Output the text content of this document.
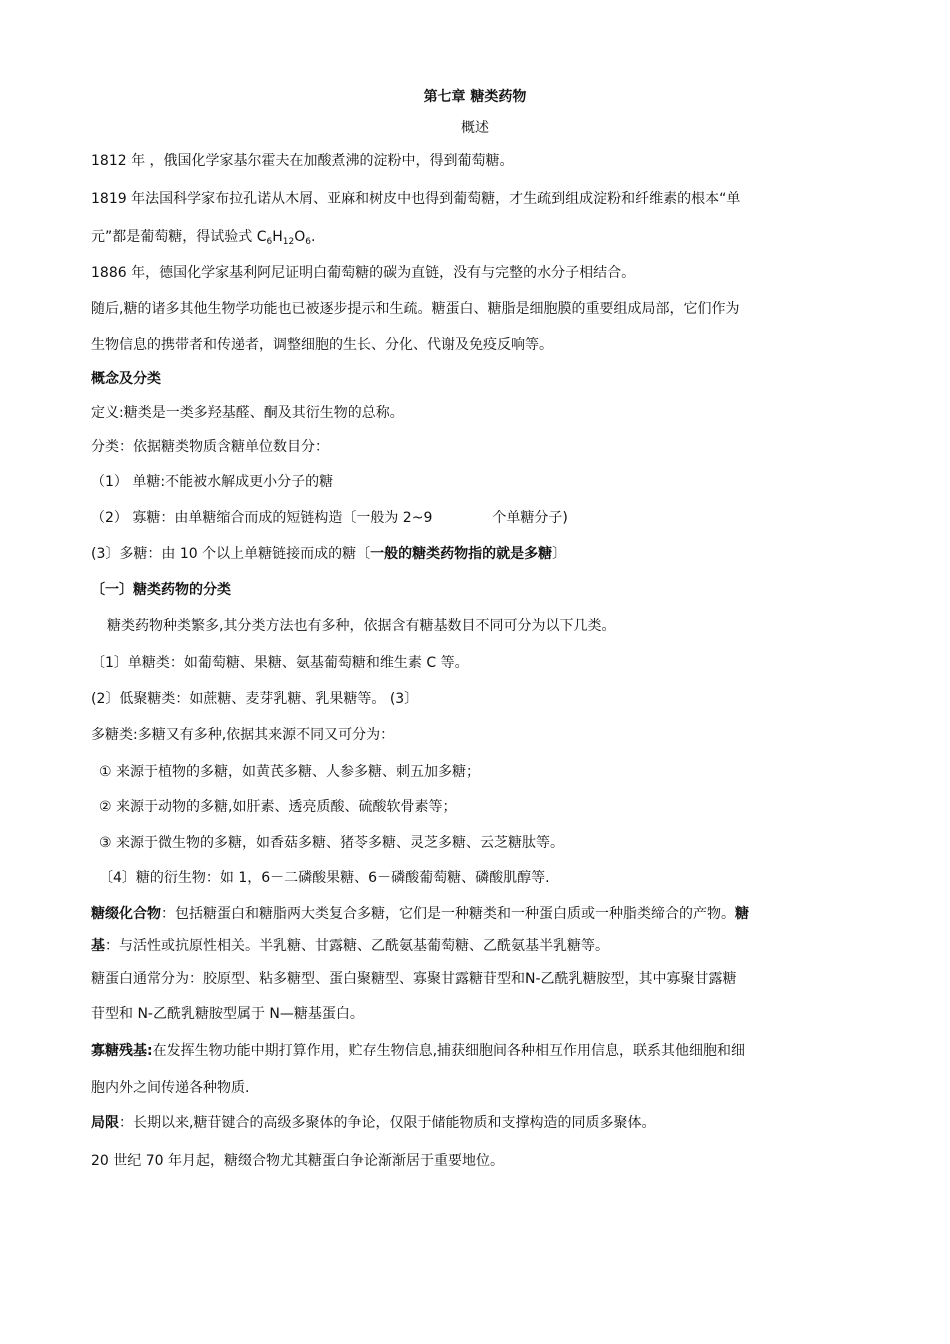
第七章 糖类药物
概述
1812 年 ，俄国化学家基尔霍夫在加酸煮沸的淀粉中，得到葡萄糖。
1819 年法国科学家布拉孔诺从木屑、亚麻和树皮中也得到葡萄糖，才生疏到组成淀粉和纤维素的根本“单
元”都是葡萄糖，得试验式 $C_6H_{12}O_6$.
1886 年，德国化学家基利阿尼证明白葡萄糖的碳为直链，没有与完整的水分子相结合。
随后,糖的诸多其他生物学功能也已被逐步提示和生疏。糖蛋白、糖脂是细胞膜的重要组成局部，它们作为
生物信息的携带者和传递者，调整细胞的生长、分化、代谢及免疫反响等。
概念及分类
定义:糖类是一类多羟基醛、酮及其衍生物的总称。
分类：依据糖类物质含糖单位数目分：
（1） 单糖:不能被水解成更小分子的糖
（2） 寡糖：由单糖缩合而成的短链构造〔一般为 2~9	个单糖分子)
(3〕多糖：由 10 个以上单糖链接而成的糖〔一般的糖类药物指的就是多糖〕
〔一〕糖类药物的分类
糖类药物种类繁多,其分类方法也有多种，依据含有糖基数目不同可分为以下几类。
〔1〕单糖类：如葡萄糖、果糖、氨基葡萄糖和维生素 C 等。
(2〕低聚糖类：如蔗糖、麦芽乳糖、乳果糖等。 (3〕
多糖类:多糖又有多种,依据其来源不同又可分为：
① 来源于植物的多糖，如黄芪多糖、人参多糖、刺五加多糖；
② 来源于动物的多糖,如肝素、透亮质酸、硫酸软骨素等；
③ 来源于微生物的多糖，如香菇多糖、猪苓多糖、灵芝多糖、云芝糖肽等。
〔4〕糖的衍生物：如 1，6－二磷酸果糖、6－磷酸葡萄糖、磷酸肌醇等.
糖缀化合物：包括糖蛋白和糖脂两大类复合多糖，它们是一种糖类和一种蛋白质或一种脂类缔合的产物。糖
基：与活性或抗原性相关。半乳糖、甘露糖、乙酰氨基葡萄糖、乙酰氨基半乳糖等。
糖蛋白通常分为：胶原型、粘多糖型、蛋白聚糖型、寡聚甘露糖苷型和N-乙酰乳糖胺型，其中寡聚甘露糖
苷型和 N-乙酰乳糖胺型属于 N—糖基蛋白。
寡糖残基:在发挥生物功能中期打算作用，贮存生物信息,捕获细胞间各种相互作用信息，联系其他细胞和细
胞内外之间传递各种物质.
局限：长期以来,糖苷键合的高级多聚体的争论，仅限于储能物质和支撑构造的同质多聚体。
20 世纪 70 年月起，糖缀合物尤其糖蛋白争论渐渐居于重要地位。
